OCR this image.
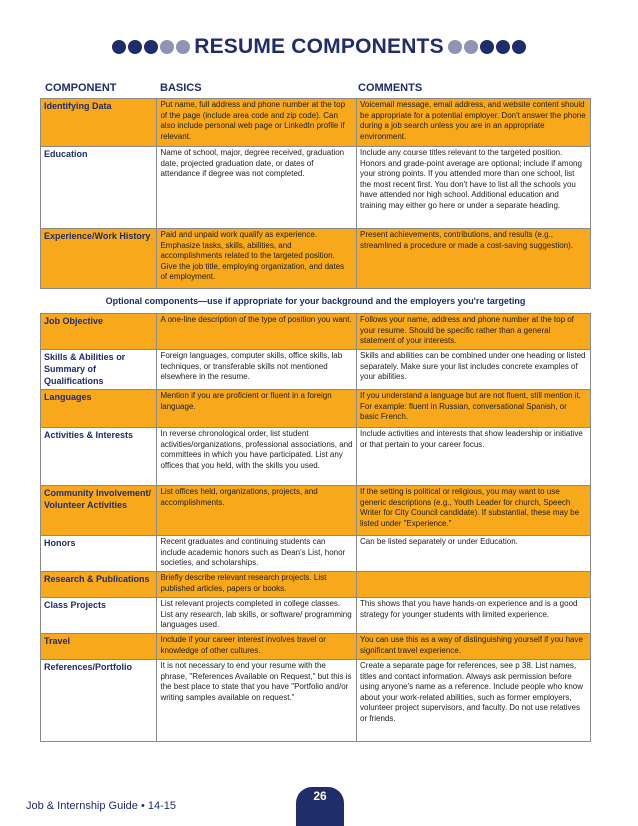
RESUME COMPONENTS
COMPONENT	BASICS	COMMENTS
Identifying Data	Put name, full address and phone number at the top of the page (include area code and zip code). Can also include personal web page or LinkedIn profile if relevant.	Voicemail message, email address, and website content should be appropriate for a potential employer. Don't answer the phone during a job search unless you are in an appropriate environment.
Education	Name of school, major, degree received, graduation date, projected graduation date, or dates of attendance if degree was not completed.	Include any course titles relevant to the targeted position. Honors and grade-point average are optional; include if among your strong points. If you attended more than one school, list the most recent first. You don't have to list all the schools you have attended nor high school. Additional education and training may either go here or under a separate heading.
Experience/Work History	Paid and unpaid work qualify as experience. Emphasize tasks, skills, abilities, and accomplishments related to the targeted position. Give the job title, employing organization, and dates of employment.	Present achievements, contributions, and results (e.g., streamlined a procedure or made a cost-saving suggestion).
Optional components—use if appropriate for your background and the employers you're targeting
Job Objective	A one-line description of the type of position you want.	Follows your name, address and phone number at the top of your resume. Should be specific rather than a general statement of your interests.
Skills & Abilities or Summary of Qualifications	Foreign languages, computer skills, office skills, lab techniques, or transferable skills not mentioned elsewhere in the resume.	Skills and abilities can be combined under one heading or listed separately. Make sure your list includes concrete examples of your abilities.
Languages	Mention if you are proficient or fluent in a foreign language.	If you understand a language but are not fluent, still mention it. For example: fluent in Russian, conversational Spanish, or basic French.
Activities & Interests	In reverse chronological order, list student activities/organizations, professional associations, and committees in which you have participated. List any offices that you held, with the skills you used.	Include activities and interests that show leadership or initiative or that pertain to your career focus.
Community Involvement/ Volunteer Activities	List offices held, organizations, projects, and accomplishments.	If the setting is political or religious, you may want to use generic descriptions (e.g., Youth Leader for church, Speech Writer for City Council candidate). If substantial, these may be listed under "Experience."
Honors	Recent graduates and continuing students can include academic honors such as Dean's List, honor societies, and scholarships.	Can be listed separately or under Education.
Research & Publications	Briefly describe relevant research projects. List published articles, papers or books.	
Class Projects	List relevant projects completed in college classes. List any research, lab skills, or software/ programming languages used.	This shows that you have hands-on experience and is a good strategy for younger students with limited experience.
Travel	Include if your career interest involves travel or knowledge of other cultures.	You can use this as a way of distinguishing yourself if you have significant travel experience.
References/Portfolio	It is not necessary to end your resume with the phrase, "References Available on Request," but this is the best place to state that you have "Portfolio and/or writing samples available on request."	Create a separate page for references, see p 38. List names, titles and contact information. Always ask permission before using anyone's name as a reference. Include people who know about your work-related abilities, such as former employers, volunteer project supervisors, and faculty. Do not use relatives or friends.
Job & Internship Guide • 14-15
26
